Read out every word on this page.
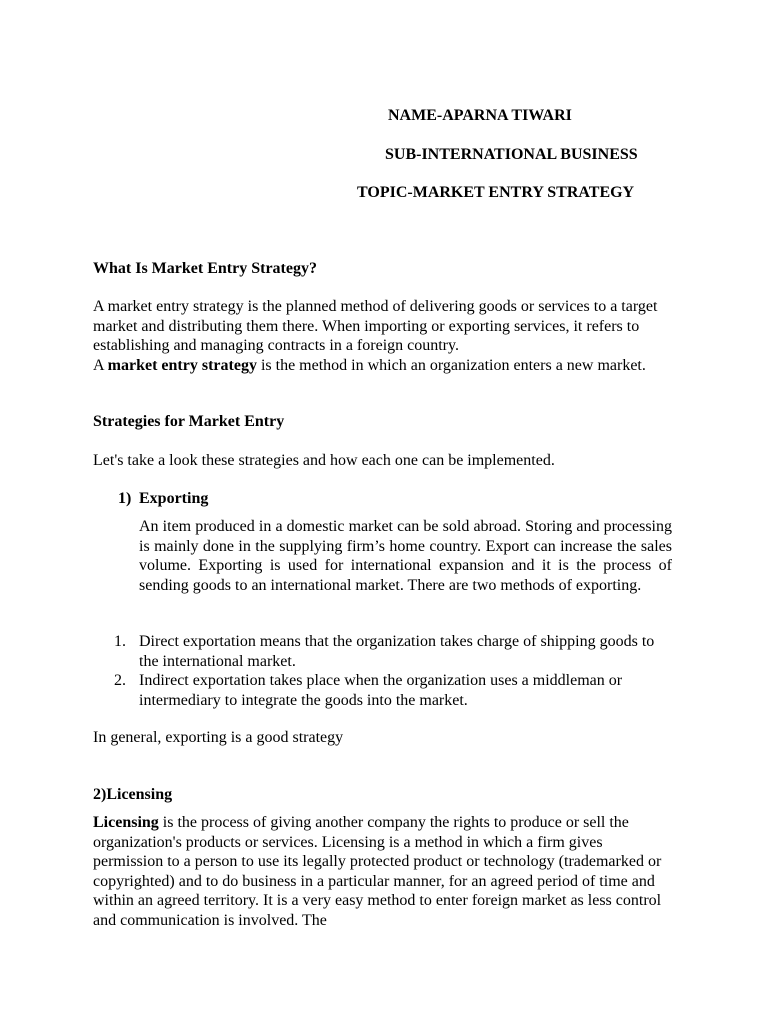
NAME-APARNA TIWARI
SUB-INTERNATIONAL BUSINESS
TOPIC-MARKET ENTRY STRATEGY
What Is Market Entry Strategy?

A market entry strategy is the planned method of delivering goods or services to a target market and distributing them there. When importing or exporting services, it refers to establishing and managing contracts in a foreign country.

A market entry strategy is the method in which an organization enters a new market.

Strategies for Market Entry
Let's take a look these strategies and how each one can be implemented.
1) Exporting
An item produced in a domestic market can be sold abroad. Storing and processing is mainly done in the supplying firm’s home country. Export can increase the sales volume. Exporting is used for international expansion and it is the process of sending goods to an international market. There are two methods of exporting.
1. Direct exportation means that the organization takes charge of shipping goods to the international market.
2. Indirect exportation takes place when the organization uses a middleman or intermediary to integrate the goods into the market.
In general, exporting is a good strategy
2)Licensing
Licensing is the process of giving another company the rights to produce or sell the organization's products or services. Licensing is a method in which a firm gives permission to a person to use its legally protected product or technology (trademarked or copyrighted) and to do business in a particular manner, for an agreed period of time and within an agreed territory. It is a very easy method to enter foreign market as less control and communication is involved. The
